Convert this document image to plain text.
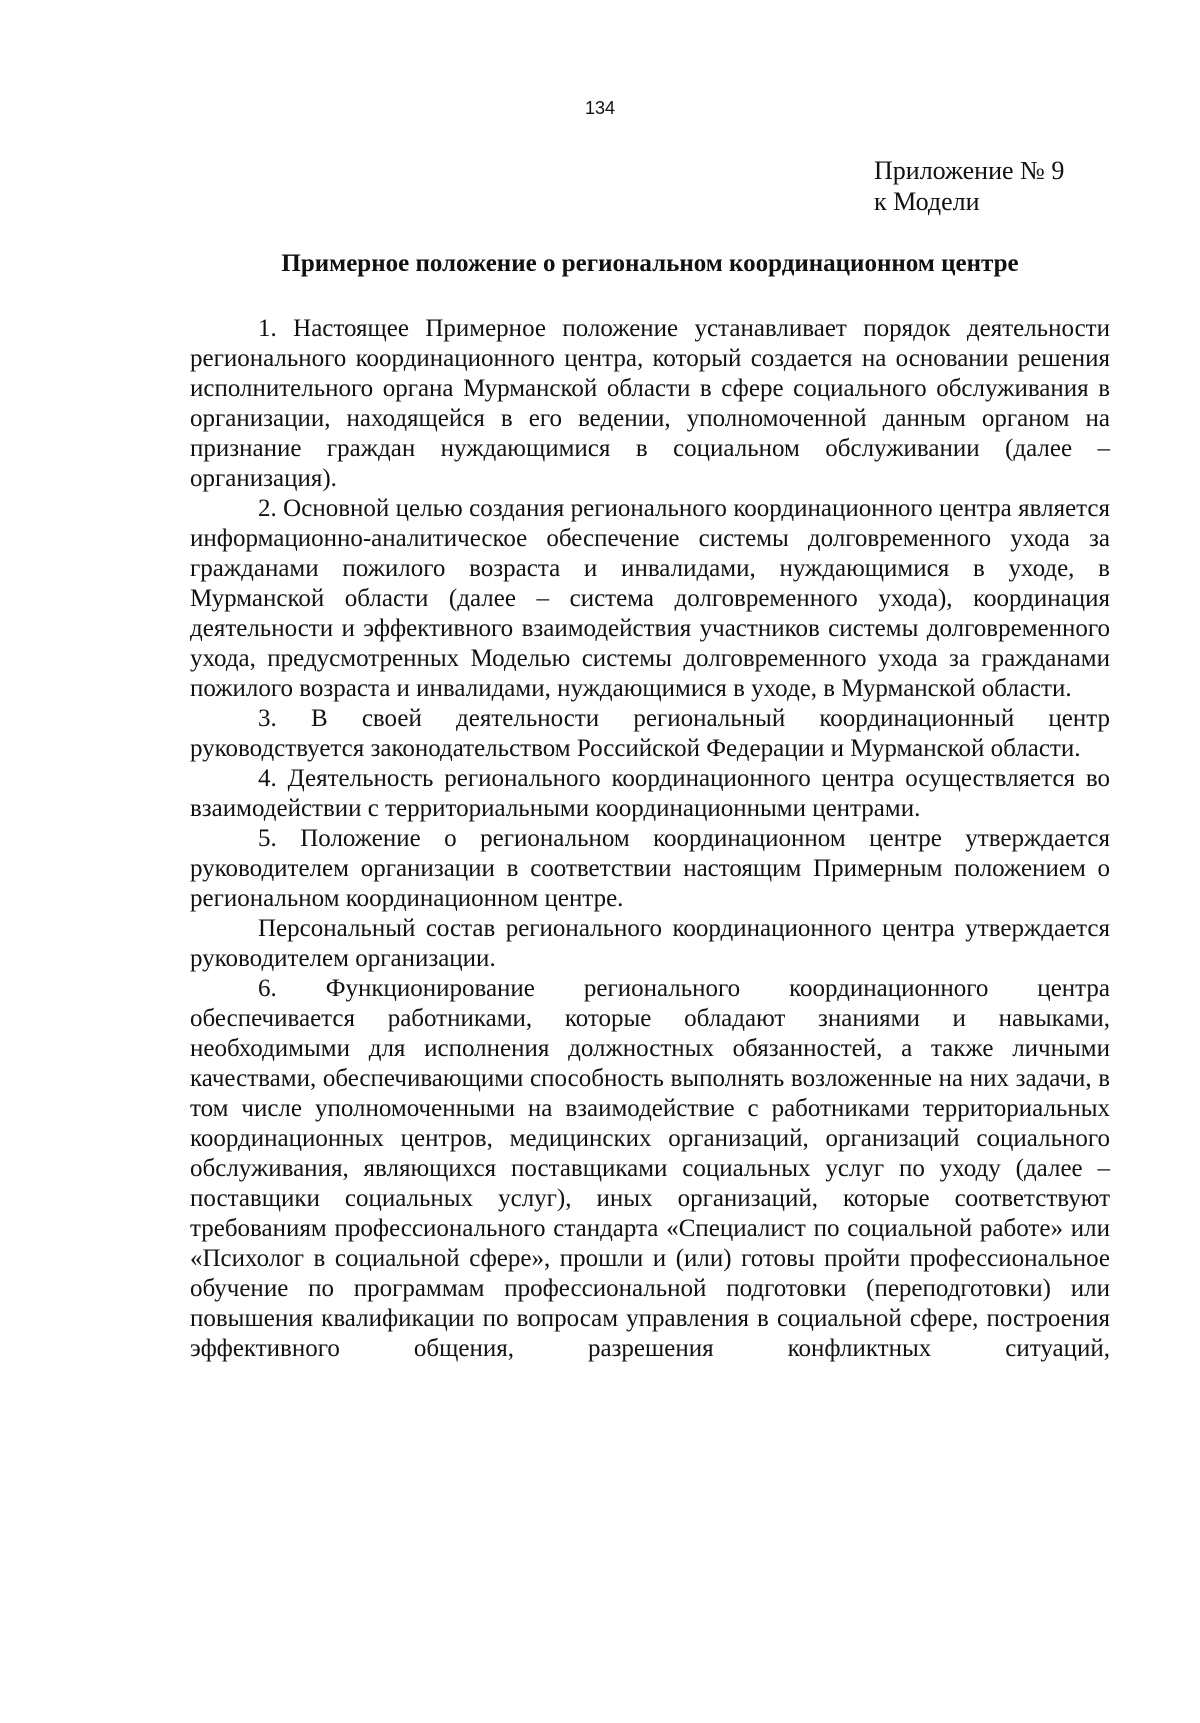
134
Приложение № 9
к Модели
Примерное положение о региональном координационном центре

1. Настоящее Примерное положение устанавливает порядок деятельности регионального координационного центра, который создается на основании решения исполнительного органа Мурманской области в сфере социального обслуживания в организации, находящейся в его ведении, уполномоченной данным органом на признание граждан нуждающимися в социальном обслуживании (далее – организация).

2. Основной целью создания регионального координационного центра является информационно-аналитическое обеспечение системы долговременного ухода за гражданами пожилого возраста и инвалидами, нуждающимися в уходе, в Мурманской области (далее – система долговременного ухода), координация деятельности и эффективного взаимодействия участников системы долговременного ухода, предусмотренных Моделью системы долговременного ухода за гражданами пожилого возраста и инвалидами, нуждающимися в уходе, в Мурманской области.

3. В своей деятельности региональный координационный центр руководствуется законодательством Российской Федерации и Мурманской области.

4. Деятельность регионального координационного центра осуществляется во взаимодействии с территориальными координационными центрами.

5. Положение о региональном координационном центре утверждается руководителем организации в соответствии настоящим Примерным положением о региональном координационном центре.

Персональный состав регионального координационного центра утверждается руководителем организации.

6. Функционирование регионального координационного центра обеспечивается работниками, которые обладают знаниями и навыками, необходимыми для исполнения должностных обязанностей, а также личными качествами, обеспечивающими способность выполнять возложенные на них задачи, в том числе уполномоченными на взаимодействие с работниками территориальных координационных центров, медицинских организаций, организаций социального обслуживания, являющихся поставщиками социальных услуг по уходу (далее – поставщики социальных услуг), иных организаций, которые соответствуют требованиям профессионального стандарта «Специалист по социальной работе» или «Психолог в социальной сфере», прошли и (или) готовы пройти профессиональное обучение по программам профессиональной подготовки (переподготовки) или повышения квалификации по вопросам управления в социальной сфере, построения эффективного общения, разрешения конфликтных ситуаций,
